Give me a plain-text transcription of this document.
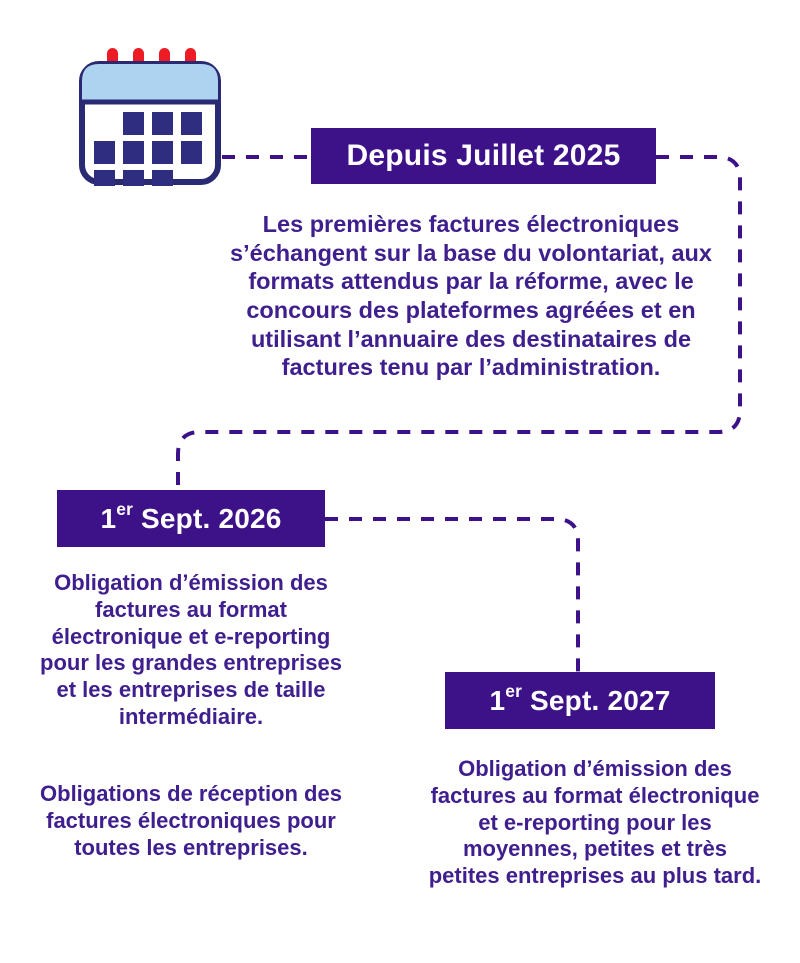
Depuis Juillet 2025
Les premières factures électroniques s’échangent sur la base du volontariat, aux formats attendus par la réforme, avec le concours des plateformes agréées et en utilisant l’annuaire des destinataires de factures tenu par l’administration.
1er Sept. 2026
Obligation d’émission des factures au format électronique et e-reporting pour les grandes entreprises et les entreprises de taille intermédiaire.
Obligations de réception des factures électroniques pour toutes les entreprises.
1er Sept. 2027
Obligation d’émission des factures au format électronique et e-reporting pour les moyennes, petites et très petites entreprises au plus tard.
